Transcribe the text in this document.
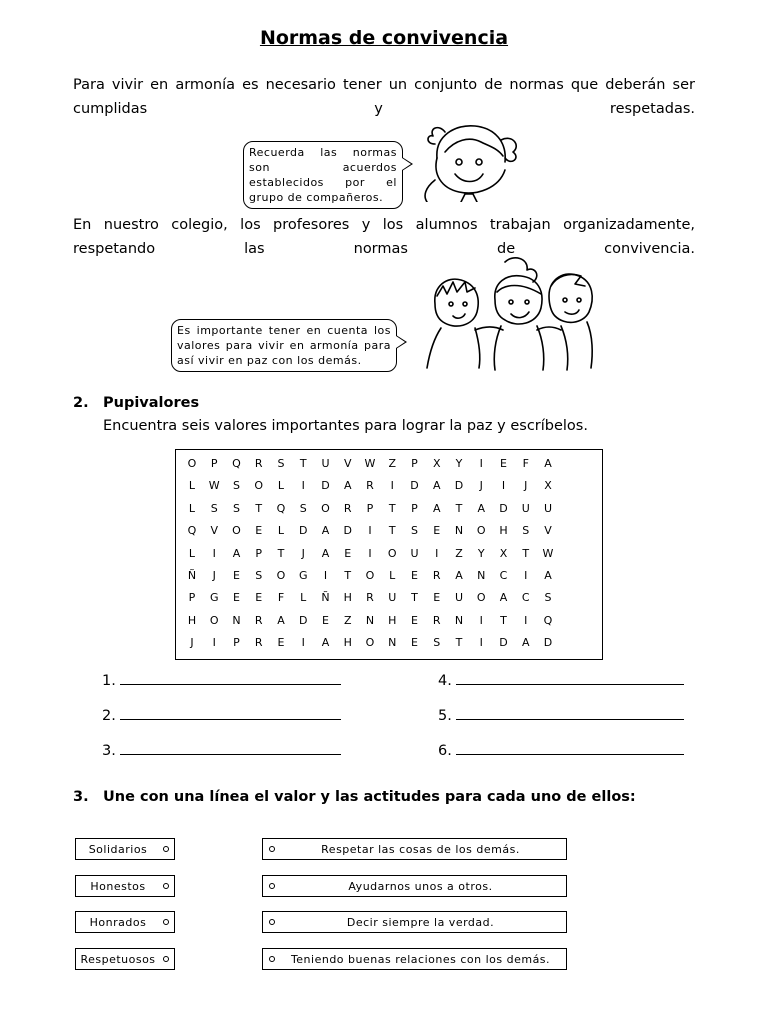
Normas de convivencia

Para vivir en armonía es necesario tener un conjunto de normas que deberán ser cumplidas y respetadas.

Recuerda las normas son acuerdos establecidos por el grupo de compañeros.

En nuestro colegio, los profesores y los alumnos trabajan organizadamente, respetando las normas de convivencia.

Es importante tener en cuenta los valores para vivir en armonía para así vivir en paz con los demás.
2. Pupivalores
Encuentra seis valores importantes para lograr la paz y escríbelos.
O	P	Q	R	S	T	U	V	W	Z	P	X	Y	I	E	F	A
L	W	S	O	L	I	D	A	R	I	D	A	D	J	I	J	X
L	S	S	T	Q	S	O	R	P	T	P	A	T	A	D	U	U
Q	V	O	E	L	D	A	D	I	T	S	E	N	O	H	S	V
L	I	A	P	T	J	A	E	I	O	U	I	Z	Y	X	T	W
Ñ	J	E	S	O	G	I	T	O	L	E	R	A	N	C	I	A
P	G	E	E	F	L	Ñ	H	R	U	T	E	U	O	A	C	S
H	O	N	R	A	D	E	Z	N	H	E	R	N	I	T	I	Q
J	I	P	R	E	I	A	H	O	N	E	S	T	I	D	A	D
1.
2.
3.
4.
5.
6.
3. Une con una línea el valor y las actitudes para cada uno de ellos:
Solidarios
Honestos
Honrados
Respetuosos
Respetar las cosas de los demás.
Ayudarnos unos a otros.
Decir siempre la verdad.
Teniendo buenas relaciones con los demás.
